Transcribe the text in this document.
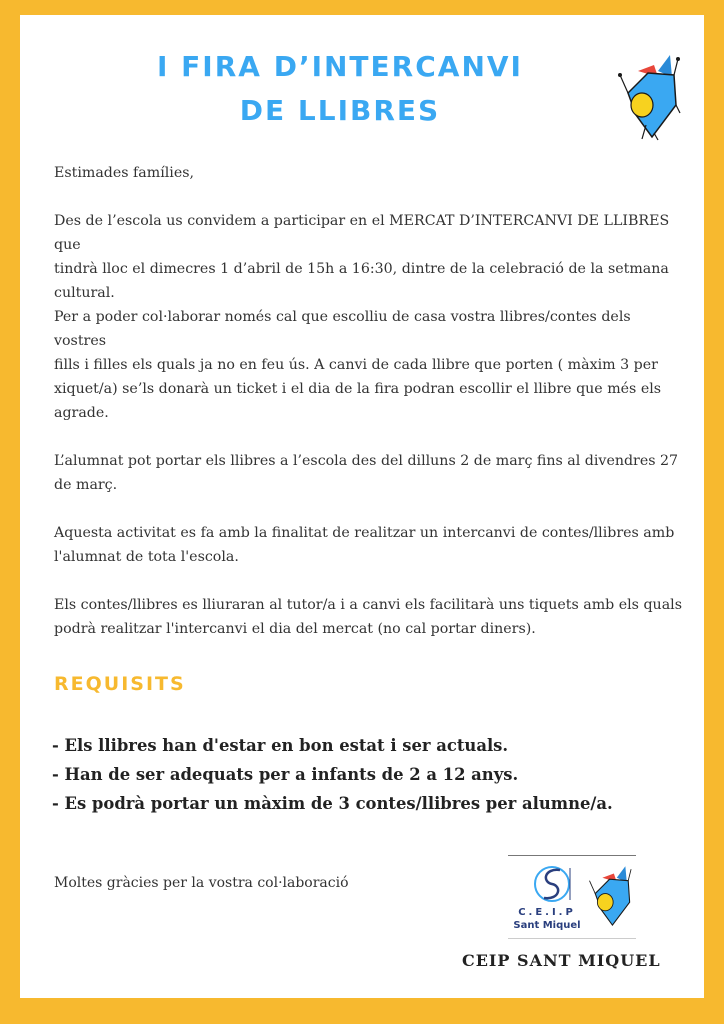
I FIRA D’INTERCANVI
DE LLIBRES

Estimades famílies,

Des de l’escola us convidem a participar en el MERCAT D’INTERCANVI DE LLIBRES que
tindrà lloc el dimecres 1 d’abril de 15h a 16:30, dintre de la celebració de la setmana
cultural.
Per a poder col·laborar només cal que escolliu de casa vostra llibres/contes dels vostres
fills i filles els quals ja no en feu ús. A canvi de cada llibre que porten ( màxim 3 per
xiquet/a) se’ls donarà un ticket i el dia de la fira podran escollir el llibre que més els
agrade.

L’alumnat pot portar els llibres a l’escola des del dilluns 2 de març fins al divendres 27
de març.

Aquesta activitat es fa amb la finalitat de realitzar un intercanvi de contes/llibres amb
l'alumnat de tota l'escola.

Els contes/llibres es lliuraran al tutor/a i a canvi els facilitarà uns tiquets amb els quals
podrà realitzar l'intercanvi el dia del mercat (no cal portar diners).

REQUISITS
- Els llibres han d'estar en bon estat i ser actuals.
- Han de ser adequats per a infants de 2 a 12 anys.
- Es podrà portar un màxim de 3 contes/llibres per alumne/a.
Moltes gràcies per la vostra col·laboració
C.E.I.P
Sant Miquel
CEIP SANT MIQUEL
